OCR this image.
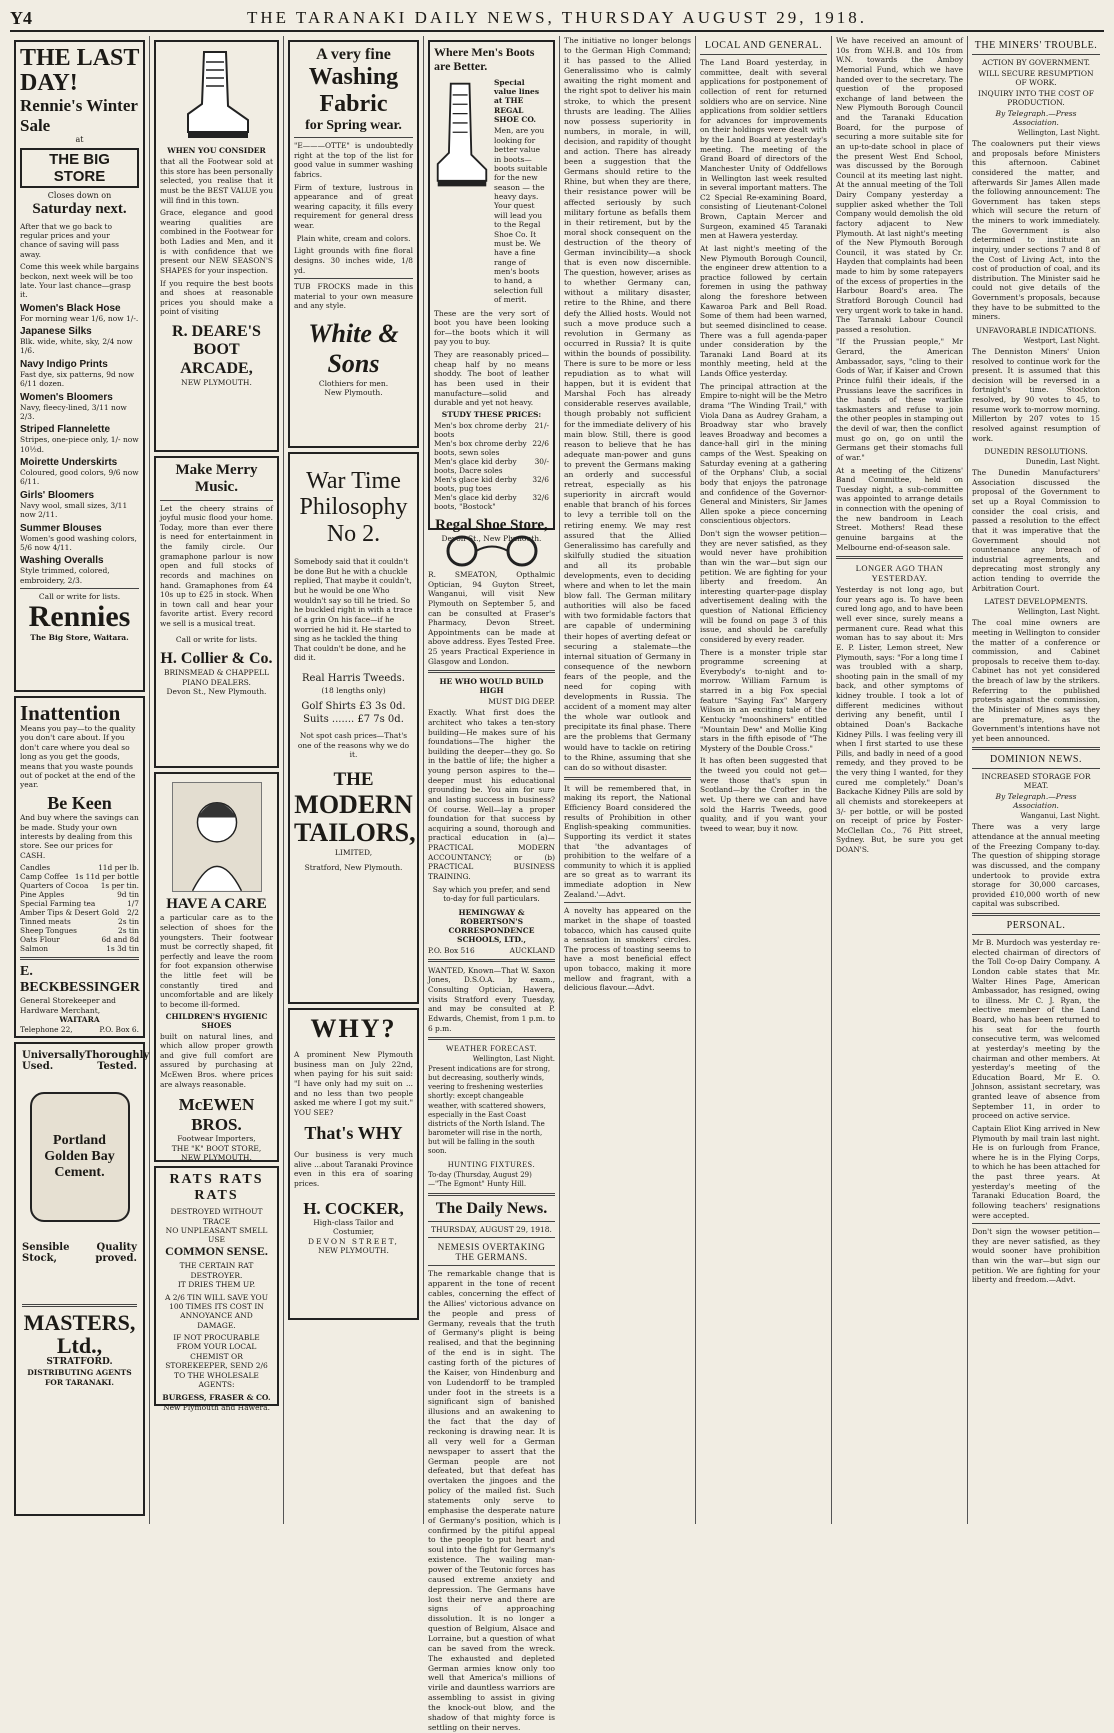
Y4	THE TARANAKI DAILY NEWS, THURSDAY AUGUST 29, 1918.
THE LAST DAY!
Rennie's Winter Sale
at
THE BIG STORE
Closes down on
Saturday next.
After that we go back to regular prices and your chance of saving will pass away.
Come this week while bargains beckon, next week will be too late. Your last chance—grasp it.
Women's Black Hose
For morning wear 1/6, now 1/-.
Japanese Silks
Blk. wide, white, sky, 2/4 now 1/6.
Navy Indigo Prints
Fast dye, six patterns, 9d now 6/11 dozen.
Women's Bloomers
Navy, fleecy-lined, 3/11 now 2/3.
Striped Flannelette
Stripes, one-piece only, 1/- now 10½d.
Moirette Underskirts
Coloured, good colors, 9/6 now 6/11.
Girls' Bloomers
Navy wool, small sizes, 3/11 now 2/11.
Summer Blouses
Women's good washing colors, 5/6 now 4/11.
Washing Overalls
Style trimmed, colored, embroidery, 2/3.
Call or write for lists.
Rennies
The Big Store, Waitara.
Inattention
Means you pay—to the quality you don't care about. If you don't care where you deal so long as you get the goods, means that you waste pounds out of pocket at the end of the year.
Be Keen
And buy where the savings can be made. Study your own interests by dealing from this store. See our prices for CASH.
Candles	11d per lb.
Camp Coffee 1s 11d per bottle
Quarters of Cocoa 1s per tin.
Pine Apples	9d tin
Special Farming tea	1/7
Amber Tips & Desert Gold 2/2
Tinned meats	2s tin
Sheep Tongues	2s tin
Oats Flour	6d and 8d
Salmon	1s 3d tin
E. BECKBESSINGER
General Storekeeper and Hardware Merchant,
WAITARA
Telephone 22,	P.O. Box 6.
Universally Thoroughly
Used.	Tested.
Portland
Golden Bay
Cement.
Sensible	Quality
Stock,	proved.
MASTERS, Ltd.,
STRATFORD.
DISTRIBUTING AGENTS FOR TARANAKI.
WHEN YOU CONSIDER
that all the Footwear sold at this store has been personally selected, you realise that it must be the BEST VALUE you will find in this town.
Grace, elegance and good wearing qualities are combined in the Footwear for both Ladies and Men, and it is with confidence that we present our NEW SEASON'S SHAPES for your inspection.
If you require the best boots and shoes at reasonable prices you should make a point of visiting
R. DEARE'S BOOT ARCADE,
NEW PLYMOUTH.
Make Merry Music.
Let the cheery strains of joyful music flood your home. Today, more than ever there is need for entertainment in the family circle. Our gramaphone parlour is now open and full stocks of records and machines on hand. Gramaphones from £4 10s up to £25 in stock. When in town call and hear your favorite artist. Every record we sell is a musical treat.
Call or write for lists.
H. Collier & Co.
BRINSMEAD & CHAPPELL PIANO DEALERS.
Devon St., New Plymouth.
HAVE A CARE
a particular care as to the selection of shoes for the youngsters. Their footwear must be correctly shaped, fit perfectly and leave the room for foot expansion otherwise the little feet will be constantly tired and uncomfortable and are likely to become ill-formed.
CHILDREN'S HYGIENIC SHOES
built on natural lines, and which allow proper growth and give full comfort are assured by purchasing at McEwen Bros. where prices are always reasonable.
McEWEN BROS.
Footwear Importers,
THE "K" BOOT STORE,
NEW PLYMOUTH.
RATS RATS RATS
DESTROYED WITHOUT TRACE
NO UNPLEASANT SMELL
USE
COMMON SENSE.
THE CERTAIN RAT DESTROYER.
IT DRIES THEM UP.
A 2/6 TIN WILL SAVE YOU 100 TIMES ITS COST IN ANNOYANCE AND DAMAGE.
IF NOT PROCURABLE FROM YOUR LOCAL CHEMIST OR STOREKEEPER, SEND 2/6 TO THE WHOLESALE AGENTS:
BURGESS, FRASER & CO.
New Plymouth and Hawera.
A very fine
Washing
Fabric
for Spring wear.
"E———OTTE" is undoubtedly right at the top of the list for good value in summer washing fabrics.
Firm of texture, lustrous in appearance and of great wearing capacity, it fills every requirement for general dress wear.
Plain white, cream and colors.
Light grounds with fine floral designs. 30 inches wide, 1/8 yd.
TUB FROCKS made in this material to your own measure and any style.
White & Sons
Clothiers for men.
New Plymouth.
War Time
Philosophy
No 2.
Somebody said that it couldn't be done But he with a chuckle replied, That maybe it couldn't, but he would be one Who wouldn't say so till he tried. So he buckled right in with a trace of a grin On his face—if he worried he hid it. He started to sing as he tackled the thing That couldn't be done, and he did it.
Real Harris Tweeds.
(18 lengths only)
Golf Shirts £3 3s 0d.
Suits ....... £7 7s 0d.
Not spot cash prices—That's one of the reasons why we do it.
THE
MODERN
TAILORS,
LIMITED,
Stratford, New Plymouth.
WHY?
A prominent New Plymouth business man on July 22nd, when paying for his suit said: "I have only had my suit on ... and no less than two people asked me where I got my suit." YOU SEE?
That's WHY
Our business is very much alive ...about Taranaki Province even in this era of soaring prices.
H. COCKER,
High-class Tailor and Costumier,
DEVON STREET,
NEW PLYMOUTH.
Where Men's Boots are Better.
Special value lines at THE REGAL SHOE CO.
Men, are you looking for better value in boots—boots suitable for the new season — the heavy days. Your quest will lead you to the Regal Shoe Co. It must be. We have a fine range of men's boots to hand, a selection full of merit.
These are the very sort of boot you have been looking for—the boots which it will pay you to buy.
They are reasonably priced—cheap half by no means shoddy. The boot of leather has been used in their manufacture—solid and durable and yet not heavy.
STUDY THESE PRICES:
Men's box chrome derby boots
21/-
Men's box chrome derby boots, sewn soles
22/6
Men's glace kid derby boots, Dacre soles
30/-
Men's glace kid derby boots, pug toes
32/6
Men's glace kid derby boots, "Bostock"
32/6
Regal Shoe Store,
Devon St., New Plymouth.
R. SMEATON, Opthalmic Optician, 94 Guyton Street, Wanganui, will visit New Plymouth on September 5, and can be consulted at Fraser's Pharmacy, Devon Street. Appointments can be made at above address. Eyes Tested Free. 25 years Practical Experience in Glasgow and London.
HE WHO WOULD BUILD HIGH
MUST DIG DEEP.
Exactly. What first does the architect who takes a ten-story building—He makes sure of his foundations—The higher the building the deeper—they go. So in the battle of life; the higher a young person aspires to the—deeper must his educational grounding be. You aim for sure and lasting success in business? Of course. Well—lay a proper foundation for that success by acquiring a sound, thorough and practical education in (a)—PRACTICAL MODERN ACCOUNTANCY; or (b) PRACTICAL BUSINESS TRAINING.
Say which you prefer, and send to-day for full particulars.
HEMINGWAY & ROBERTSON'S CORRESPONDENCE SCHOOLS, LTD.,
P.O. Box 516	AUCKLAND
WANTED, Known—That W. Saxon Jones, D.S.O.A. by exam., Consulting Optician, Hawera, visits Stratford every Tuesday, and may be consulted at P. Edwards, Chemist, from 1 p.m. to 6 p.m.
WEATHER FORECAST.
Wellington, Last Night.
Present indications are for strong, but decreasing, southerly winds, veering to freshening westerlies shortly: except changeable weather, with scattered showers, especially in the East Coast districts of the North Island. The barometer will rise in the north, but will be falling in the south soon.
HUNTING FIXTURES.
To-day (Thursday, August 29) —"The Egmont" Hunty Hill.
The Daily News.
THURSDAY, AUGUST 29, 1918.
NEMESIS OVERTAKING THE GERMANS.
The remarkable change that is apparent in the tone of recent cables, concerning the effect of the Allies' victorious advance on the people and press of Germany, reveals that the truth of Germany's plight is being realised, and that the beginning of the end is in sight. The casting forth of the pictures of the Kaiser, von Hindenburg and von Ludendorff to be trampled under foot in the streets is a significant sign of banished illusions and an awakening to the fact that the day of reckoning is drawing near. It is all very well for a German newspaper to assert that the German people are not defeated, but that defeat has overtaken the jingoes and the policy of the mailed fist. Such statements only serve to emphasise the desperate nature of Germany's position, which is confirmed by the pitiful appeal to the people to put heart and soul into the fight for Germany's existence. The wailing man-power of the Teutonic forces has caused extreme anxiety and depression. The Germans have lost their nerve and there are signs of approaching dissolution. It is no longer a question of Belgium, Alsace and Lorraine, but a question of what can be saved from the wreck. The exhausted and depleted German armies know only too well that America's millions of virile and dauntless warriors are assembling to assist in giving the knock-out blow, and the shadow of that mighty force is settling on their nerves.
The initiative no longer belongs to the German High Command; it has passed to the Allied Generalissimo who is calmly awaiting the right moment and the right spot to deliver his main stroke, to which the present thrusts are leading. The Allies now possess superiority in numbers, in morale, in will, decision, and rapidity of thought and action. There has already been a suggestion that the Germans should retire to the Rhine, but when they are there, their resistance power will be affected seriously by such military fortune as befalls them in their retirement, but by the moral shock consequent on the destruction of the theory of German invincibility—a shock that is even now discernible. The question, however, arises as to whether Germany can, without a military disaster, retire to the Rhine, and there defy the Allied hosts. Would not such a move produce such a revolution in Germany as occurred in Russia? It is quite within the bounds of possibility. There is sure to be more or less repudiation as to what will happen, but it is evident that Marshal Foch has already considerable reserves available, though probably not sufficient for the immediate delivery of his main blow. Still, there is good reason to believe that he has adequate man-power and guns to prevent the Germans making an orderly and successful retreat, especially as his superiority in aircraft would enable that branch of his forces to levy a terrible toll on the retiring enemy. We may rest assured that the Allied Generalissimo has carefully and skilfully studied the situation and all its probable developments, even to deciding where and when to let the main blow fall. The German military authorities will also be faced with two formidable factors that are capable of undermining their hopes of averting defeat or securing a stalemate—the internal situation of Germany in consequence of the newborn fears of the people, and the need for coping with developments in Russia. The accident of a moment may alter the whole war outlook and precipitate its final phase. There are the problems that Germany would have to tackle on retiring to the Rhine, assuming that she can do so without disaster.
It will be remembered that, in making its report, the National Efficiency Board considered the results of Prohibition in other English-speaking communities. Supporting its verdict it states that 'the advantages of prohibition to the welfare of a community to which it is applied are so great as to warrant its immediate adoption in New Zealand.'—Advt.
A novelty has appeared on the market in the shape of toasted tobacco, which has caused quite a sensation in smokers' circles. The process of toasting seems to have a most beneficial effect upon tobacco, making it more mellow and fragrant, with a delicious flavour.—Advt.
LOCAL AND GENERAL.
The Land Board yesterday, in committee, dealt with several applications for postponement of collection of rent for returned soldiers who are on service. Nine applications from soldier settlers for advances for improvements on their holdings were dealt with by the Land Board at yesterday's meeting. The meeting of the Grand Board of directors of the Manchester Unity of Oddfellows in Wellington last week resulted in several important matters. The C2 Special Re-examining Board, consisting of Lieutenant-Colonel Brown, Captain Mercer and Surgeon, examined 45 Taranaki men at Hawera yesterday.
At last night's meeting of the New Plymouth Borough Council, the engineer drew attention to a practice followed by certain foremen in using the pathway along the foreshore between Kawaroa Park and Bell Road. Some of them had been warned, but seemed disinclined to cease. There was a full agenda-paper under consideration by the Taranaki Land Board at its monthly meeting, held at the Lands Office yesterday.
The principal attraction at the Empire to-night will be the Metro drama "The Winding Trail," with Viola Dana as Audrey Graham, a Broadway star who bravely leaves Broadway and becomes a dance-hall girl in the mining camps of the West. Speaking on Saturday evening at a gathering of the Orphans' Club, a social body that enjoys the patronage and confidence of the Governor-General and Ministers, Sir James Allen spoke a piece concerning conscientious objectors.
Don't sign the wowser petition—they are never satisfied, as they would never have prohibition than win the war—but sign our petition. We are fighting for your liberty and freedom. An interesting quarter-page display advertisement dealing with the question of National Efficiency will be found on page 3 of this issue, and should be carefully considered by every reader.
There is a monster triple star programme screening at Everybody's to-night and to-morrow. William Farnum is starred in a big Fox special feature "Saying Fax" Margery Wilson in an exciting tale of the Kentucky "moonshiners" entitled "Mountain Dew" and Mollie King stars in the fifth episode of "The Mystery of the Double Cross."
It has often been suggested that the tweed you could not get—were those that's spun in Scotland—by the Crofter in the wet. Up there we can and have sold the Harris Tweeds, good quality, and if you want your tweed to wear, buy it now.
We have received an amount of 10s from W.H.B. and 10s from W.N. towards the Amboy Memorial Fund, which we have handed over to the secretary. The question of the proposed exchange of land between the New Plymouth Borough Council and the Taranaki Education Board, for the purpose of securing a more suitable site for an up-to-date school in place of the present West End School, was discussed by the Borough Council at its meeting last night. At the annual meeting of the Toll Dairy Company yesterday a supplier asked whether the Toll Company would demolish the old factory adjacent to New Plymouth. At last night's meeting of the New Plymouth Borough Council, it was stated by Cr. Hayden that complaints had been made to him by some ratepayers of the excess of properties in the Harbour Board's area. The Stratford Borough Council had very urgent work to take in hand. The Taranaki Labour Council passed a resolution.
"If the Prussian people," Mr Gerard, the American Ambassador, says, "cling to their Gods of War, if Kaiser and Crown Prince fulfil their ideals, if the Prussians leave the sacrifices in the hands of these warlike taskmasters and refuse to join the other peoples in stamping out the devil of war, then the conflict must go on, go on until the Germans get their stomachs full of war."
At a meeting of the Citizens' Band Committee, held on Tuesday night, a sub-committee was appointed to arrange details in connection with the opening of the new bandroom in Leach Street. Mothers! Read these genuine bargains at the Melbourne end-of-season sale.
LONGER AGO THAN YESTERDAY.
Yesterday is not long ago, but four years ago is. To have been cured long ago, and to have been well ever since, surely means a permanent cure. Read what this woman has to say about it: Mrs E. P. Lister, Lemon street, New Plymouth, says: "For a long time I was troubled with a sharp, shooting pain in the small of my back, and other symptoms of kidney trouble. I took a lot of different medicines without deriving any benefit, until I obtained Doan's Backache Kidney Pills. I was feeling very ill when I first started to use these Pills, and badly in need of a good remedy, and they proved to be the very thing I wanted, for they cured me completely." Doan's Backache Kidney Pills are sold by all chemists and storekeepers at 3/- per bottle, or will be posted on receipt of price by Foster-McClellan Co., 76 Pitt street, Sydney. But, be sure you get DOAN'S.
THE MINERS' TROUBLE.
ACTION BY GOVERNMENT.
WILL SECURE RESUMPTION OF WORK.
INQUIRY INTO THE COST OF PRODUCTION.
By Telegraph.—Press Association.
Wellington, Last Night.
The coalowners put their views and proposals before Ministers this afternoon. Cabinet considered the matter, and afterwards Sir James Allen made the following announcement: The Government has taken steps which will secure the return of the miners to work immediately. The Government is also determined to institute an inquiry, under sections 7 and 8 of the Cost of Living Act, into the cost of production of coal, and its distribution. The Minister said he could not give details of the Government's proposals, because they have to be submitted to the miners.
UNFAVORABLE INDICATIONS.
Westport, Last Night.
The Denniston Miners' Union resolved to continue work for the present. It is assumed that this decision will be reversed in a fortnight's time. Stockton resolved, by 90 votes to 45, to resume work to-morrow morning. Millerton by 207 votes to 15 resolved against resumption of work.
DUNEDIN RESOLUTIONS.
Dunedin, Last Night.
The Dunedin Manufacturers' Association discussed the proposal of the Government to set up a Royal Commission to consider the coal crisis, and passed a resolution to the effect that it was imperative that the Government should not countenance any breach of industrial agreements, and deprecating most strongly any action tending to override the Arbitration Court.
LATEST DEVELOPMENTS.
Wellington, Last Night.
The coal mine owners are meeting in Wellington to consider the matter of a conference or commission, and Cabinet proposals to receive them to-day. Cabinet has not yet considered the breach of law by the strikers. Referring to the published protests against the commission, the Minister of Mines says they are premature, as the Government's intentions have not yet been announced.
DOMINION NEWS.
INCREASED STORAGE FOR MEAT.
By Telegraph.—Press Association.
Wanganui, Last Night.
There was a very large attendance at the annual meeting of the Freezing Company to-day. The question of shipping storage was discussed, and the company undertook to provide extra storage for 30,000 carcases, provided £10,000 worth of new capital was subscribed.
PERSONAL.
Mr B. Murdoch was yesterday re-elected chairman of directors of the Toll Co-op Dairy Company. A London cable states that Mr. Walter Hines Page, American Ambassador, has resigned, owing to illness. Mr C. J. Ryan, the elective member of the Land Board, who has been returned to his seat for the fourth consecutive term, was welcomed at yesterday's meeting by the chairman and other members. At yesterday's meeting of the Education Board, Mr E. O. Johnson, assistant secretary, was granted leave of absence from September 11, in order to proceed on active service.
Captain Eliot King arrived in New Plymouth by mail train last night. He is on furlough from France, where he is in the Flying Corps, to which he has been attached for the past three years. At yesterday's meeting of the Taranaki Education Board, the following teachers' resignations were accepted.
Don't sign the wowser petition—they are never satisfied, as they would sooner have prohibition than win the war—but sign our petition. We are fighting for your liberty and freedom.—Advt.
